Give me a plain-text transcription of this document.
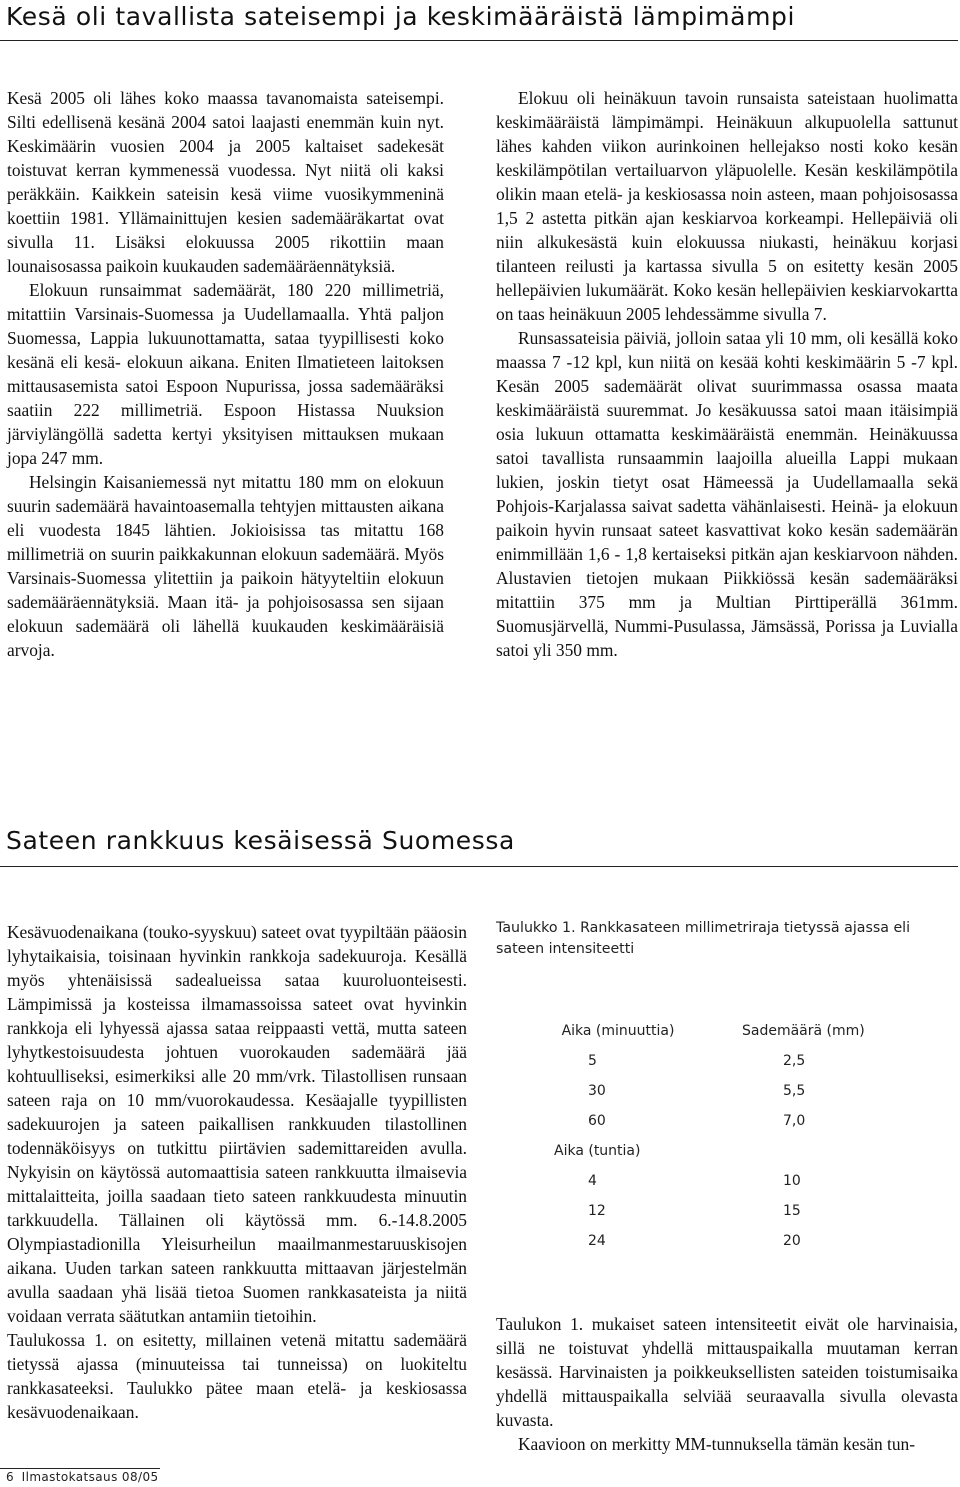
Kesä oli tavallista sateisempi ja keskimääräistä lämpimämpi

Kesä 2005 oli lähes koko maassa tavanomaista sateisempi. Silti edellisenä kesänä 2004 satoi laajasti enemmän kuin nyt. Keskimäärin vuosien 2004 ja 2005 kaltaiset sadekesät toistuvat kerran kymmenessä vuodessa. Nyt niitä oli kaksi peräkkäin. Kaikkein sateisin kesä viime vuosikymmeninä koettiin 1981. Yllämainittujen kesien sademääräkartat ovat sivulla 11. Lisäksi elokuussa 2005 rikottiin maan lounaisosassa paikoin kuukauden sademääräennätyksiä.

Elokuun runsaimmat sademäärät, 180 220 millimetriä, mitattiin Varsinais-Suomessa ja Uudellamaalla. Yhtä paljon Suomessa, Lappia lukuunottamatta, sataa tyypillisesti koko kesänä eli kesä- elokuun aikana. Eniten Ilmatieteen laitoksen mittausasemista satoi Espoon Nupurissa, jossa sademääräksi saatiin 222 millimetriä. Espoon Histassa Nuuksion järviylängöllä sadetta kertyi yksityisen mittauksen mukaan jopa 247 mm.

Helsingin Kaisaniemessä nyt mitattu 180 mm on elokuun suurin sademäärä havaintoasemalla tehtyjen mittausten aikana eli vuodesta 1845 lähtien. Jokioisissa tas mitattu 168 millimetriä on suurin paikkakunnan elokuun sademäärä. Myös Varsinais-Suomessa ylitettiin ja paikoin hätyyteltiin elokuun sademääräennätyksiä. Maan itä- ja pohjoisosassa sen sijaan elokuun sademäärä oli lähellä kuukauden keskimääräisiä arvoja.

Elokuu oli heinäkuun tavoin runsaista sateistaan huolimatta keskimääräistä lämpimämpi. Heinäkuun alkupuolella sattunut lähes kahden viikon aurinkoinen hellejakso nosti koko kesän keskilämpötilan vertailuarvon yläpuolelle. Kesän keskilämpötila olikin maan etelä- ja keskiosassa noin asteen, maan pohjoisosassa 1,5 2 astetta pitkän ajan keskiarvoa korkeampi. Hellepäiviä oli niin alkukesästä kuin elokuussa niukasti, heinäkuu korjasi tilanteen reilusti ja kartassa sivulla 5 on esitetty kesän 2005 hellepäivien lukumäärät. Koko kesän hellepäivien keskiarvokartta on taas heinäkuun 2005 lehdessämme sivulla 7.

Runsassateisia päiviä, jolloin sataa yli 10 mm, oli kesällä koko maassa 7 -12 kpl, kun niitä on kesää kohti keskimäärin 5 -7 kpl. Kesän 2005 sademäärät olivat suurimmassa osassa maata keskimääräistä suuremmat. Jo kesäkuussa satoi maan itäisimpiä osia lukuun ottamatta keskimääräistä enemmän. Heinäkuussa satoi tavallista runsaammin laajoilla alueilla Lappi mukaan lukien, joskin tietyt osat Hämeessä ja Uudellamaalla sekä Pohjois-Karjalassa saivat sadetta vähänlaisesti. Heinä- ja elokuun paikoin hyvin runsaat sateet kasvattivat koko kesän sademäärän enimmillään 1,6 - 1,8 kertaiseksi pitkän ajan keskiarvoon nähden. Alustavien tietojen mukaan Piikkiössä kesän sademääräksi mitattiin 375 mm ja Multian Pirttiperällä 361mm. Suomusjärvellä, Nummi-Pusulassa, Jämsässä, Porissa ja Luvialla satoi yli 350 mm.

Sateen rankkuus kesäisessä Suomessa

Kesävuodenaikana (touko-syyskuu) sateet ovat tyypiltään pääosin lyhytaikaisia, toisinaan hyvinkin rankkoja sadekuuroja. Kesällä myös yhtenäisissä sadealueissa sataa kuuroluonteisesti. Lämpimissä ja kosteissa ilmamassoissa sateet ovat hyvinkin rankkoja eli lyhyessä ajassa sataa reippaasti vettä, mutta sateen lyhytkestoisuudesta johtuen vuorokauden sademäärä jää kohtuulliseksi, esimerkiksi alle 20 mm/vrk. Tilastollisen runsaan sateen raja on 10 mm/vuorokaudessa. Kesäajalle tyypillisten sadekuurojen ja sateen paikallisen rankkuuden tilastollinen todennäköisyys on tutkittu piirtävien sademittareiden avulla. Nykyisin on käytössä automaattisia sateen rankkuutta ilmaisevia mittalaitteita, joilla saadaan tieto sateen rankkuudesta minuutin tarkkuudella. Tällainen oli käytössä mm. 6.-14.8.2005 Olympiastadionilla Yleisurheilun maailmanmestaruuskisojen aikana. Uuden tarkan sateen rankkuutta mittaavan järjestelmän avulla saadaan yhä lisää tietoa Suomen rankkasateista ja niitä voidaan verrata säätutkan antamiin tietoihin.

Taulukossa 1. on esitetty, millainen vetenä mitattu sademäärä tietyssä ajassa (minuuteissa tai tunneissa) on luokiteltu rankkasateeksi. Taulukko pätee maan etelä- ja keskiosassa kesävuodenaikaan.

Taulukko 1. Rankkasateen millimetriraja tietyssä ajassa eli sateen intensiteetti

Aika (minuuttia)	Sademäärä (mm)
5	2,5
30	5,5
60	7,0
Aika (tuntia)
4	10
12	15
24	20

Taulukon 1. mukaiset sateen intensiteetit eivät ole harvinaisia, sillä ne toistuvat yhdellä mittauspaikalla muutaman kerran kesässä. Harvinaisten ja poikkeuksellisten sateiden toistumisaika yhdellä mittauspaikalla selviää seuraavalla sivulla olevasta kuvasta.

Kaavioon on merkitty MM-tunnuksella tämän kesän tun-

6 Ilmastokatsaus 08/05
